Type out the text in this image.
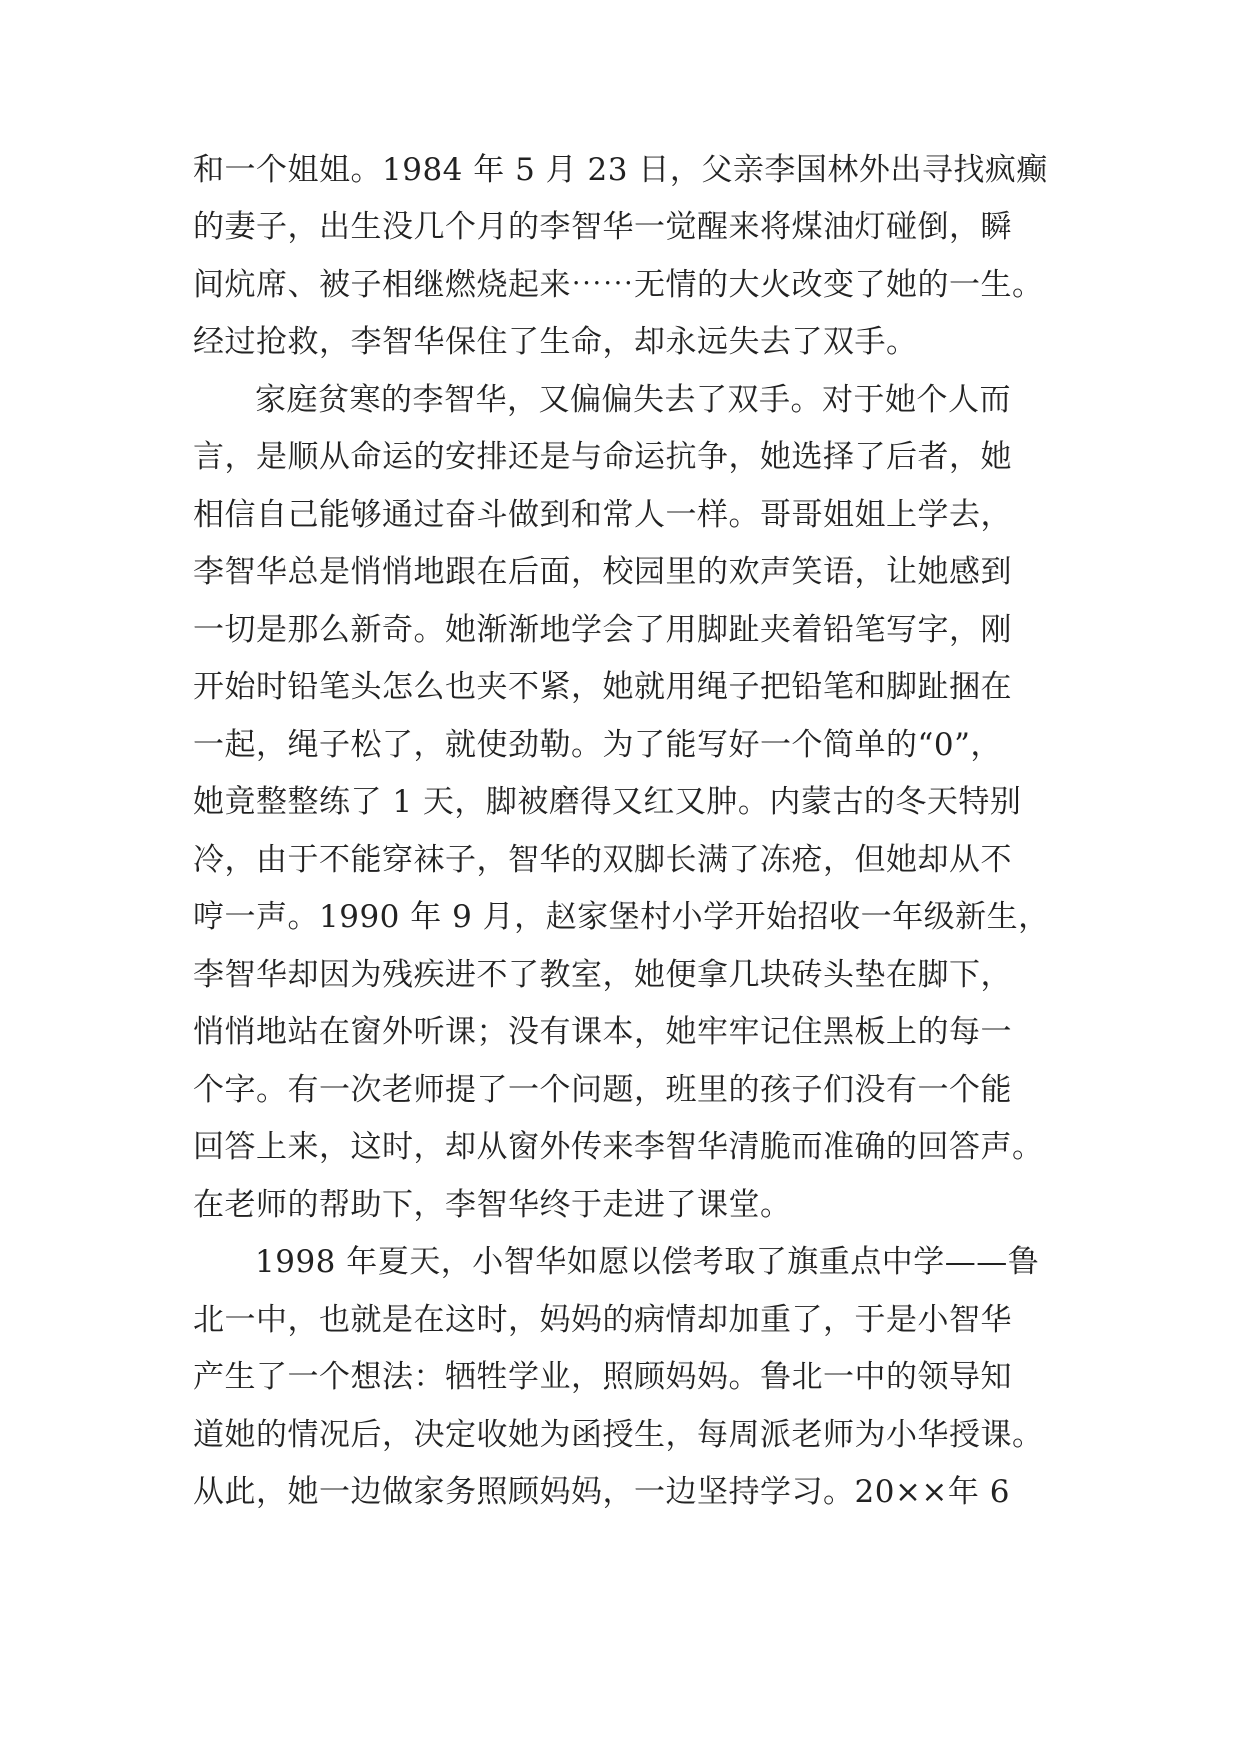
和一个姐姐。1984 年 5 月 23 日，父亲李国林外出寻找疯癫
的妻子，出生没几个月的李智华一觉醒来将煤油灯碰倒，瞬
间炕席、被子相继燃烧起来⋯⋯无情的大火改变了她的一生。
经过抢救，李智华保住了生命，却永远失去了双手。
家庭贫寒的李智华，又偏偏失去了双手。对于她个人而
言，是顺从命运的安排还是与命运抗争，她选择了后者，她
相信自己能够通过奋斗做到和常人一样。哥哥姐姐上学去，
李智华总是悄悄地跟在后面，校园里的欢声笑语，让她感到
一切是那么新奇。她渐渐地学会了用脚趾夹着铅笔写字，刚
开始时铅笔头怎么也夹不紧，她就用绳子把铅笔和脚趾捆在
一起，绳子松了，就使劲勒。为了能写好一个简单的“0”，
她竟整整练了 1 天，脚被磨得又红又肿。内蒙古的冬天特别
冷，由于不能穿袜子，智华的双脚长满了冻疮，但她却从不
哼一声。1990 年 9 月，赵家堡村小学开始招收一年级新生，
李智华却因为残疾进不了教室，她便拿几块砖头垫在脚下，
悄悄地站在窗外听课；没有课本，她牢牢记住黑板上的每一
个字。有一次老师提了一个问题，班里的孩子们没有一个能
回答上来，这时，却从窗外传来李智华清脆而准确的回答声。
在老师的帮助下，李智华终于走进了课堂。
1998 年夏天，小智华如愿以偿考取了旗重点中学——鲁
北一中，也就是在这时，妈妈的病情却加重了，于是小智华
产生了一个想法：牺牲学业，照顾妈妈。鲁北一中的领导知
道她的情况后，决定收她为函授生，每周派老师为小华授课。
从此，她一边做家务照顾妈妈，一边坚持学习。20××年 6
